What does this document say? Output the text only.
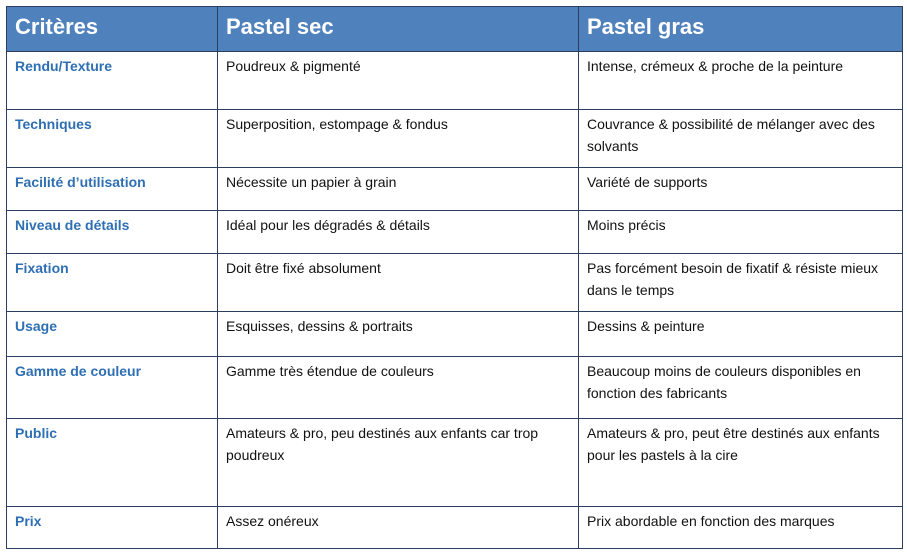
Critères	Pastel sec	Pastel gras
Rendu/Texture	Poudreux & pigmenté	Intense, crémeux & proche de la peinture
Techniques	Superposition, estompage & fondus	Couvrance & possibilité de mélanger avec des solvants
Facilité d’utilisation	Nécessite un papier à grain	Variété de supports
Niveau de détails	Idéal pour les dégradés & détails	Moins précis
Fixation	Doit être fixé absolument	Pas forcément besoin de fixatif & résiste mieux dans le temps
Usage	Esquisses, dessins & portraits	Dessins & peinture
Gamme de couleur	Gamme très étendue de couleurs	Beaucoup moins de couleurs disponibles en fonction des fabricants
Public	Amateurs & pro, peu destinés aux enfants car trop poudreux	Amateurs & pro, peut être destinés aux enfants pour les pastels à la cire
Prix	Assez onéreux	Prix abordable en fonction des marques
